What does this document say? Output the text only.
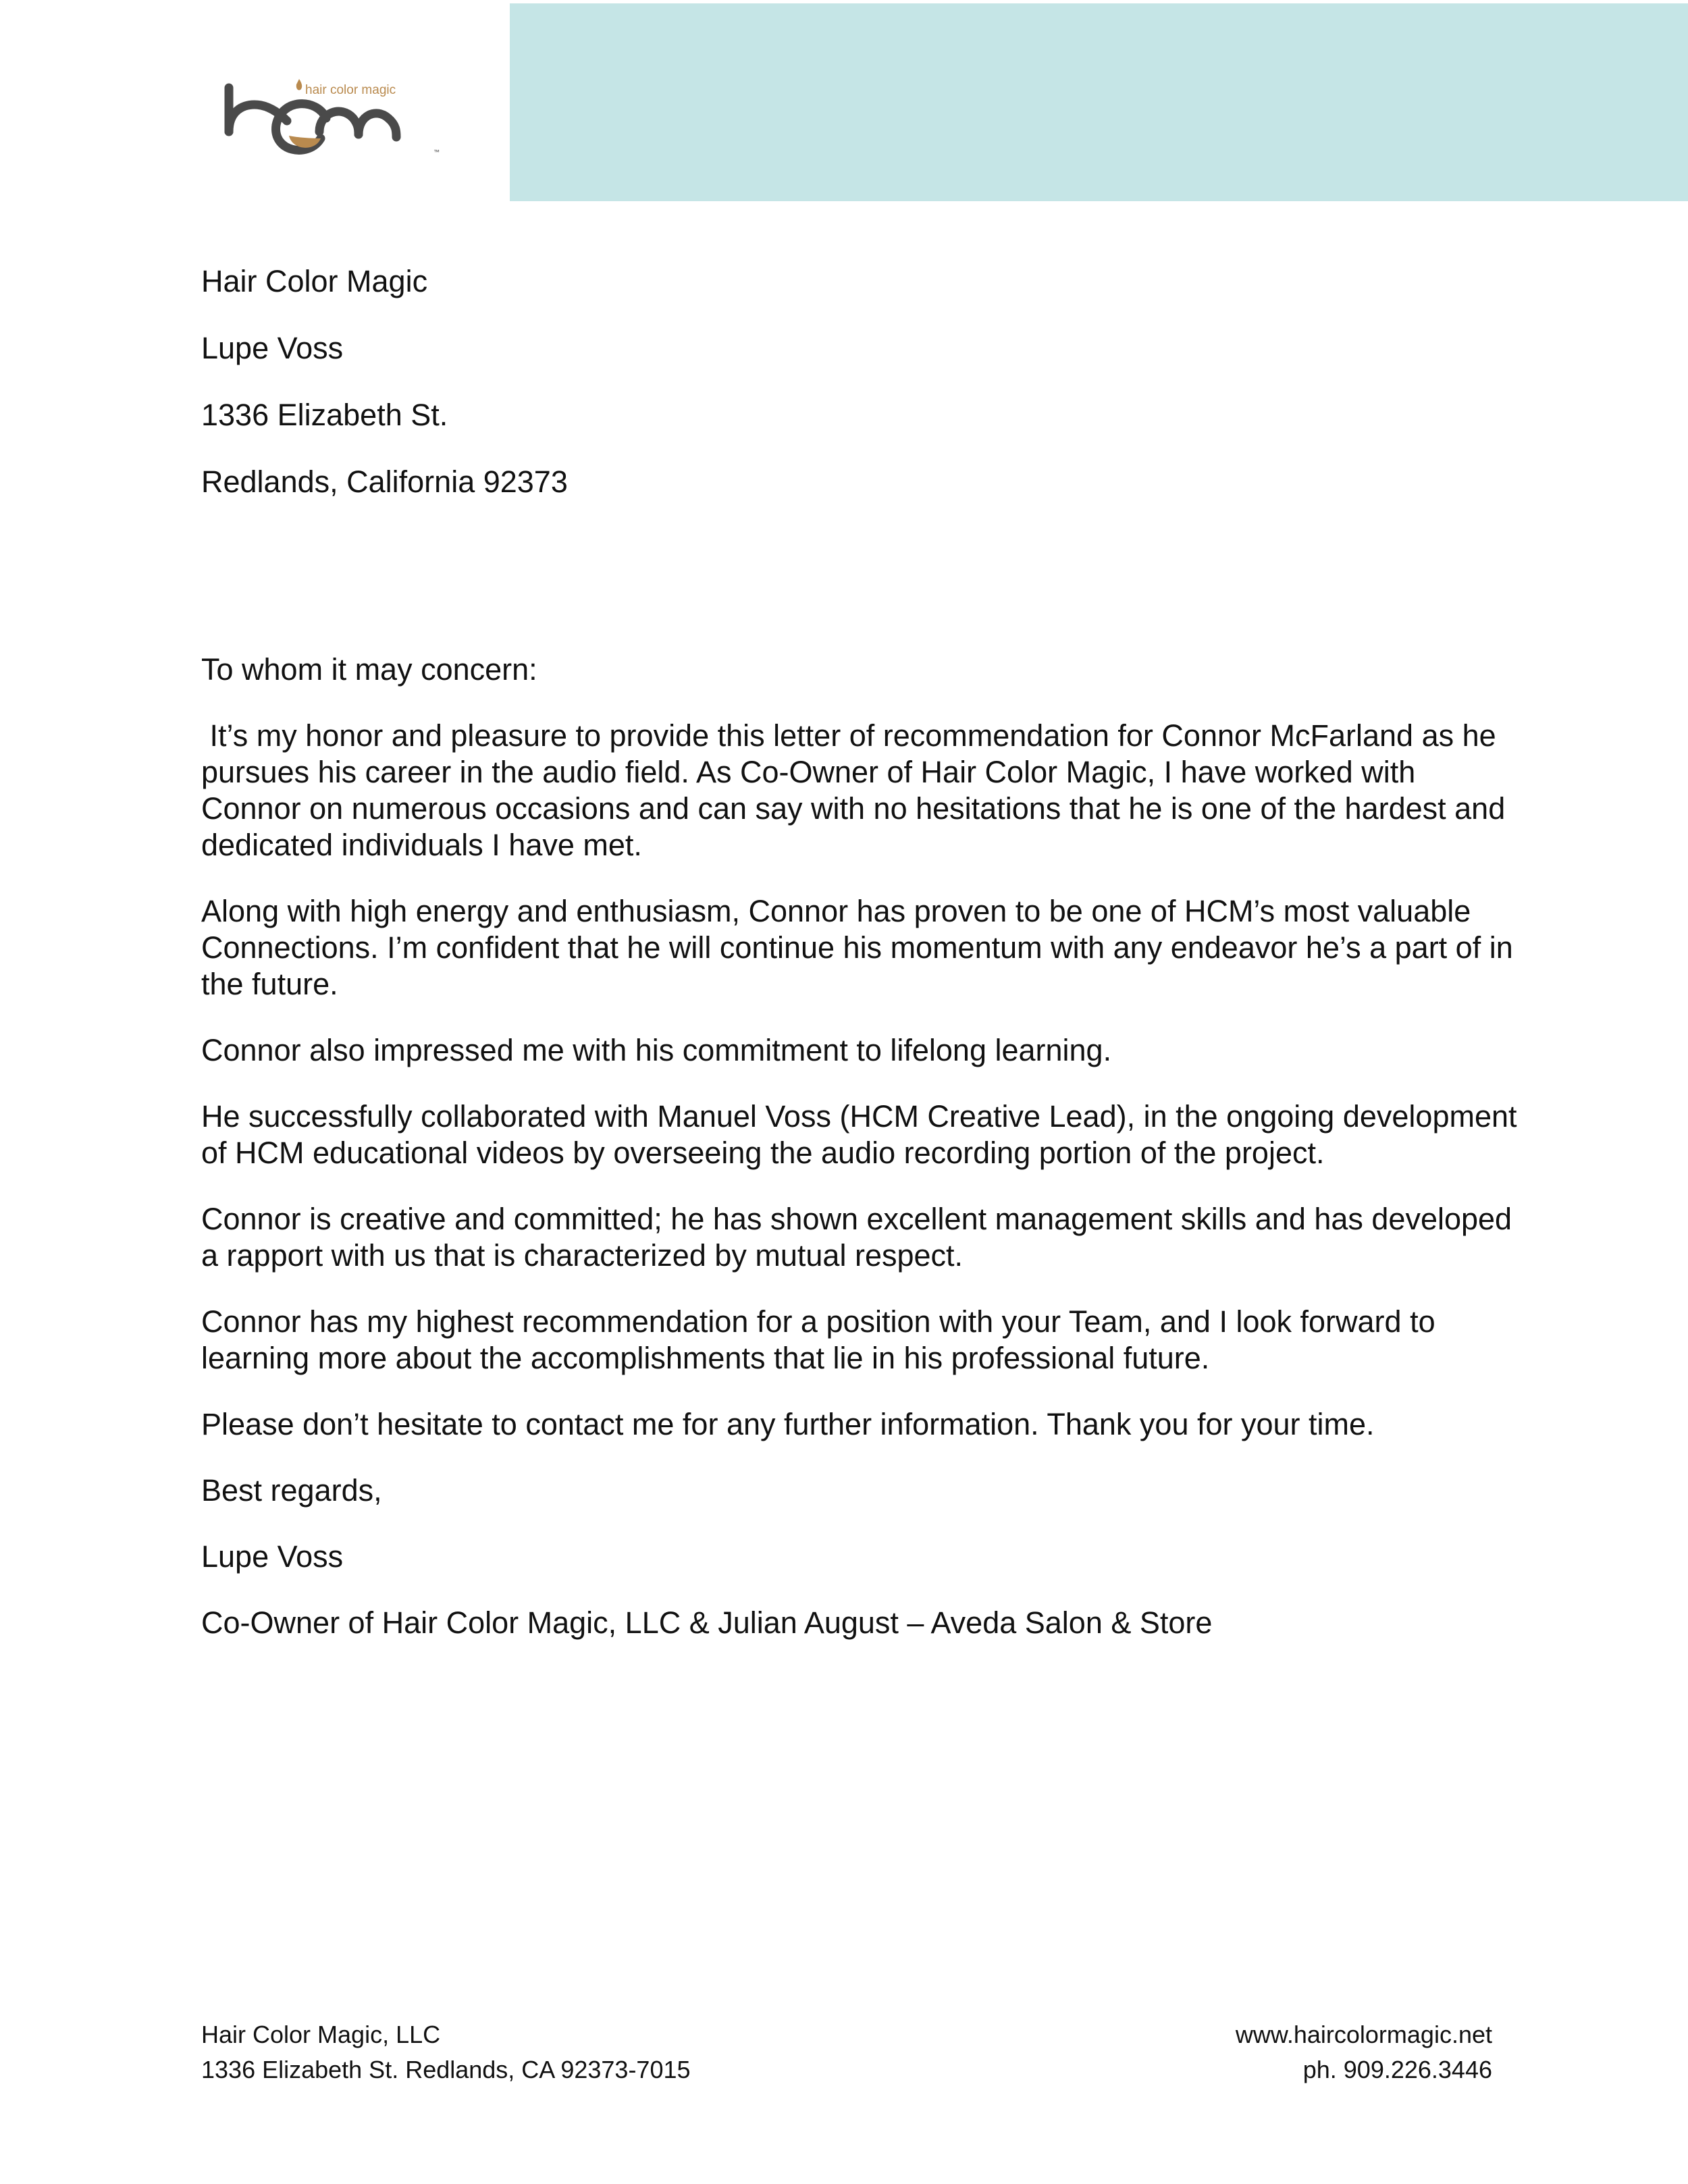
hair color magic
™

Hair Color Magic

Lupe Voss

1336 Elizabeth St.

Redlands, California 92373

To whom it may concern:

It’s my honor and pleasure to provide this letter of recommendation for Connor McFarland as he pursues his career in the audio field. As Co-Owner of Hair Color Magic, I have worked with Connor on numerous occasions and can say with no hesitations that he is one of the hardest and dedicated individuals I have met.

Along with high energy and enthusiasm, Connor has proven to be one of HCM’s most valuable Connections. I’m confident that he will continue his momentum with any endeavor he’s a part of in the future.

Connor also impressed me with his commitment to lifelong learning.

He successfully collaborated with Manuel Voss (HCM Creative Lead), in the ongoing development of HCM educational videos by overseeing the audio recording portion of the project.

Connor is creative and committed; he has shown excellent management skills and has developed a rapport with us that is characterized by mutual respect.

Connor has my highest recommendation for a position with your Team, and I look forward to learning more about the accomplishments that lie in his professional future.

Please don’t hesitate to contact me for any further information. Thank you for your time.

Best regards,

Lupe Voss

Co-Owner of Hair Color Magic, LLC & Julian August – Aveda Salon & Store

Hair Color Magic, LLC
1336 Elizabeth St. Redlands, CA 92373-7015
www.haircolormagic.net
ph. 909.226.3446
